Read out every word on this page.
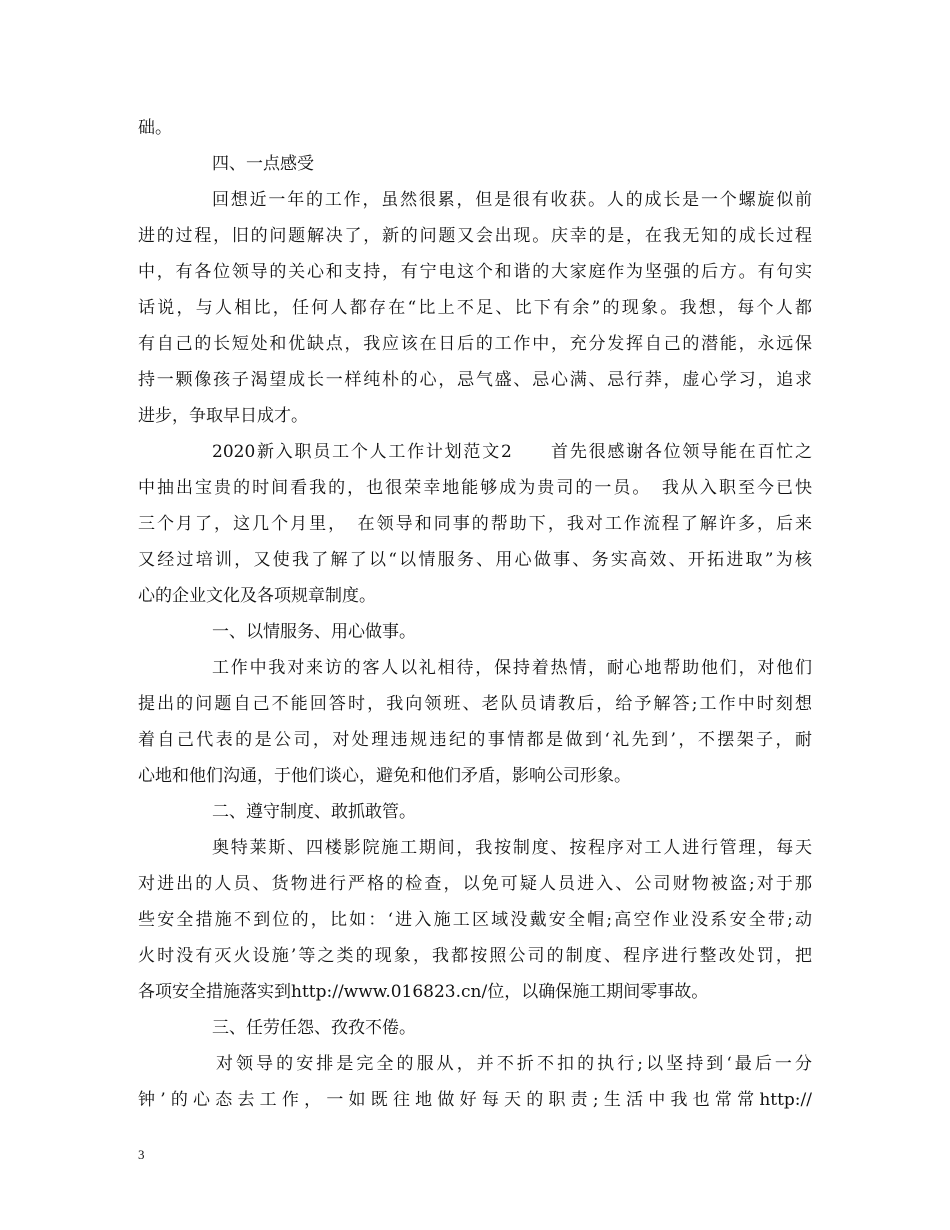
础。
四、一点感受
回想近一年的工作，虽然很累，但是很有收获。人的成长是一个螺旋似前
进的过程，旧的问题解决了，新的问题又会出现。庆幸的是，在我无知的成长过程
中，有各位领导的关心和支持，有宁电这个和谐的大家庭作为坚强的后方。有句实
话说，与人相比，任何人都存在“比上不足、比下有余”的现象。我想，每个人都
有自己的长短处和优缺点，我应该在日后的工作中，充分发挥自己的潜能，永远保
持一颗像孩子渴望成长一样纯朴的心，忌气盛、忌心满、忌行莽，虚心学习，追求
进步，争取早日成才。
2020新入职员工个人工作计划范文2　　首先很感谢各位领导能在百忙之
中抽出宝贵的时间看我的，也很荣幸地能够成为贵司的一员。　我从入职至今已快
三个月了，这几个月里，　在领导和同事的帮助下，我对工作流程了解许多，后来
又经过培训，又使我了解了以“以情服务、用心做事、务实高效、开拓进取”为核
心的企业文化及各项规章制度。
一、以情服务、用心做事。
工作中我对来访的客人以礼相待，保持着热情，耐心地帮助他们，对他们
提出的问题自己不能回答时，我向领班、老队员请教后，给予解答;工作中时刻想
着自己代表的是公司，对处理违规违纪的事情都是做到‘礼先到’，不摆架子，耐
心地和他们沟通，于他们谈心，避免和他们矛盾，影响公司形象。
二、遵守制度、敢抓敢管。
奥特莱斯、四楼影院施工期间，我按制度、按程序对工人进行管理，每天
对进出的人员、货物进行严格的检查，以免可疑人员进入、公司财物被盗;对于那
些安全措施不到位的，比如：‘进入施工区域没戴安全帽;高空作业没系安全带;动
火时没有灭火设施’等之类的现象，我都按照公司的制度、程序进行整改处罚，把
各项安全措施落实到http://www.016823.cn/位，以确保施工期间零事故。
三、任劳任怨、孜孜不倦。
对领导的安排是完全的服从，并不折不扣的执行;以坚持到‘最后一分
钟’的心态去工作，一如既往地做好每天的职责;生活中我也常常http://
3
